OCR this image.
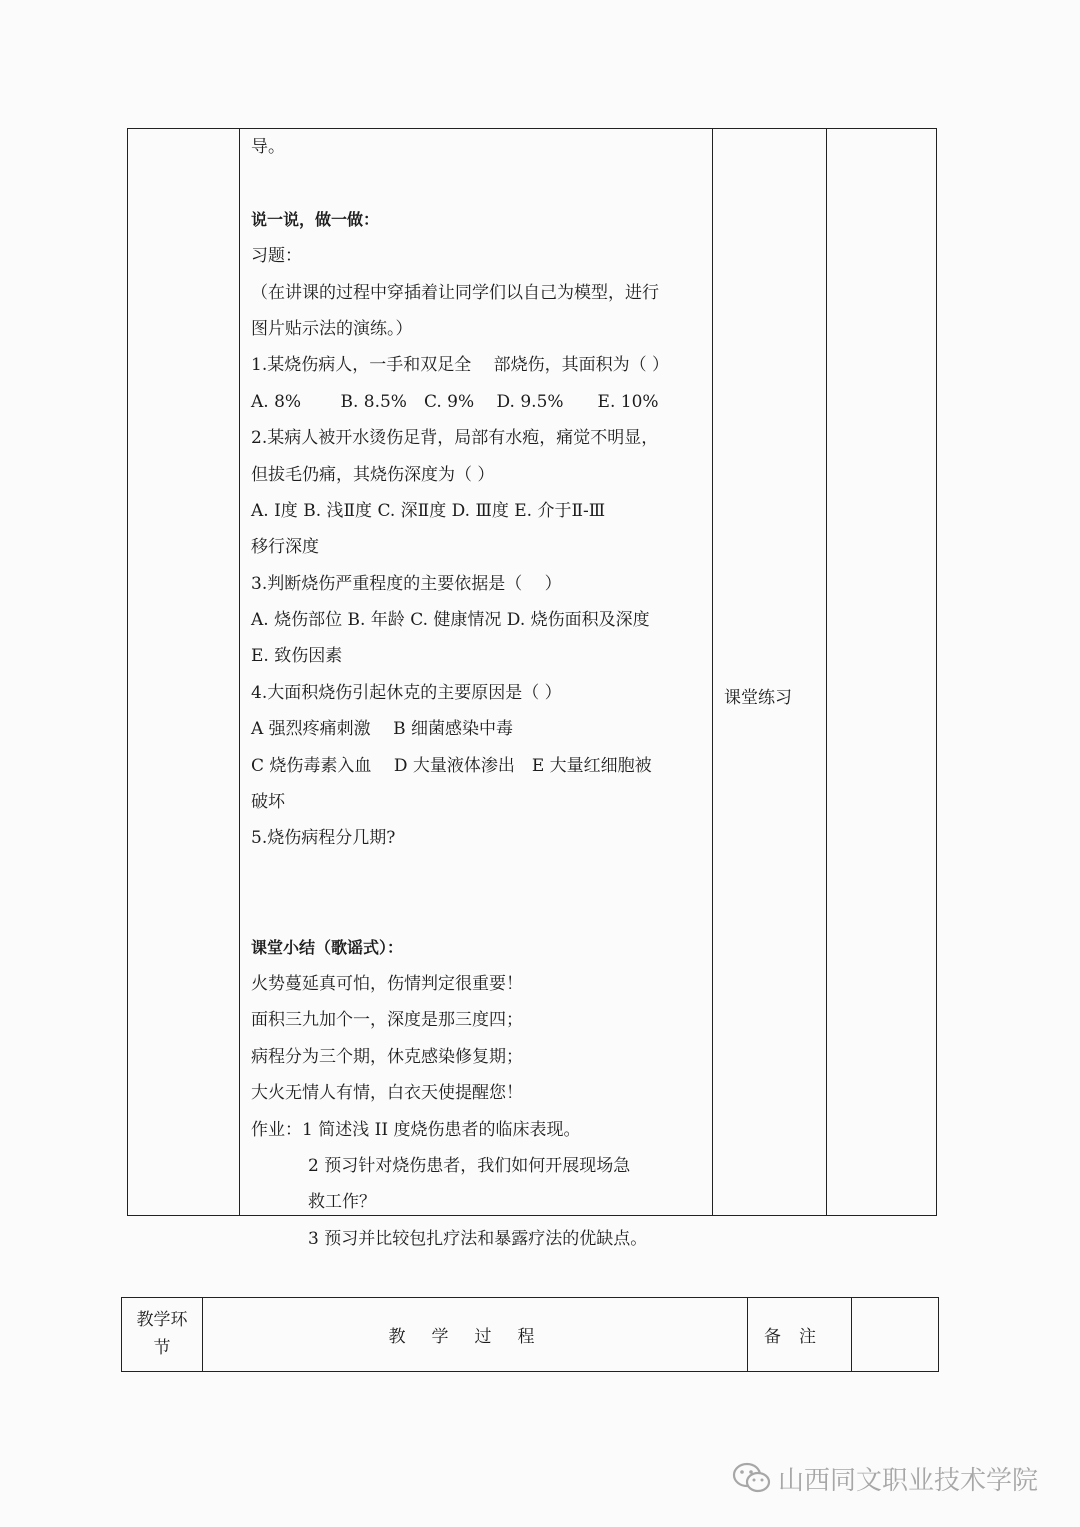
导。
说一说，做一做：
习题：
（在讲课的过程中穿插着让同学们以自己为模型，进行
图片贴示法的演练。）
1.某烧伤病人，一手和双足全　 部烧伤，其面积为（ ）
A. 8%　　 B. 8.5%　C. 9%　 D. 9.5%　　E. 10%
2.某病人被开水烫伤足背，局部有水疱，痛觉不明显，
但拔毛仍痛，其烧伤深度为（ ）
A. Ⅰ度 B. 浅Ⅱ度 C. 深Ⅱ度 D. Ⅲ度 E. 介于Ⅱ-Ⅲ
移行深度
3.判断烧伤严重程度的主要依据是（　 ）
A. 烧伤部位 B. 年龄 C. 健康情况 D. 烧伤面积及深度
E. 致伤因素
4.大面积烧伤引起休克的主要原因是（ ）
A 强烈疼痛刺激　 B 细菌感染中毒
C 烧伤毒素入血　 D 大量液体渗出　E 大量红细胞被
破坏
5.烧伤病程分几期?
课堂小结（歌谣式）：
火势蔓延真可怕，伤情判定很重要！
面积三九加个一，深度是那三度四；
病程分为三个期，休克感染修复期；
大火无情人有情，白衣天使提醒您！
作业：1 简述浅 II 度烧伤患者的临床表现。
2 预习针对烧伤患者，我们如何开展现场急
救工作？
3 预习并比较包扎疗法和暴露疗法的优缺点。
课堂练习
教学环节
教学过程	备注
山西同文职业技术学院
